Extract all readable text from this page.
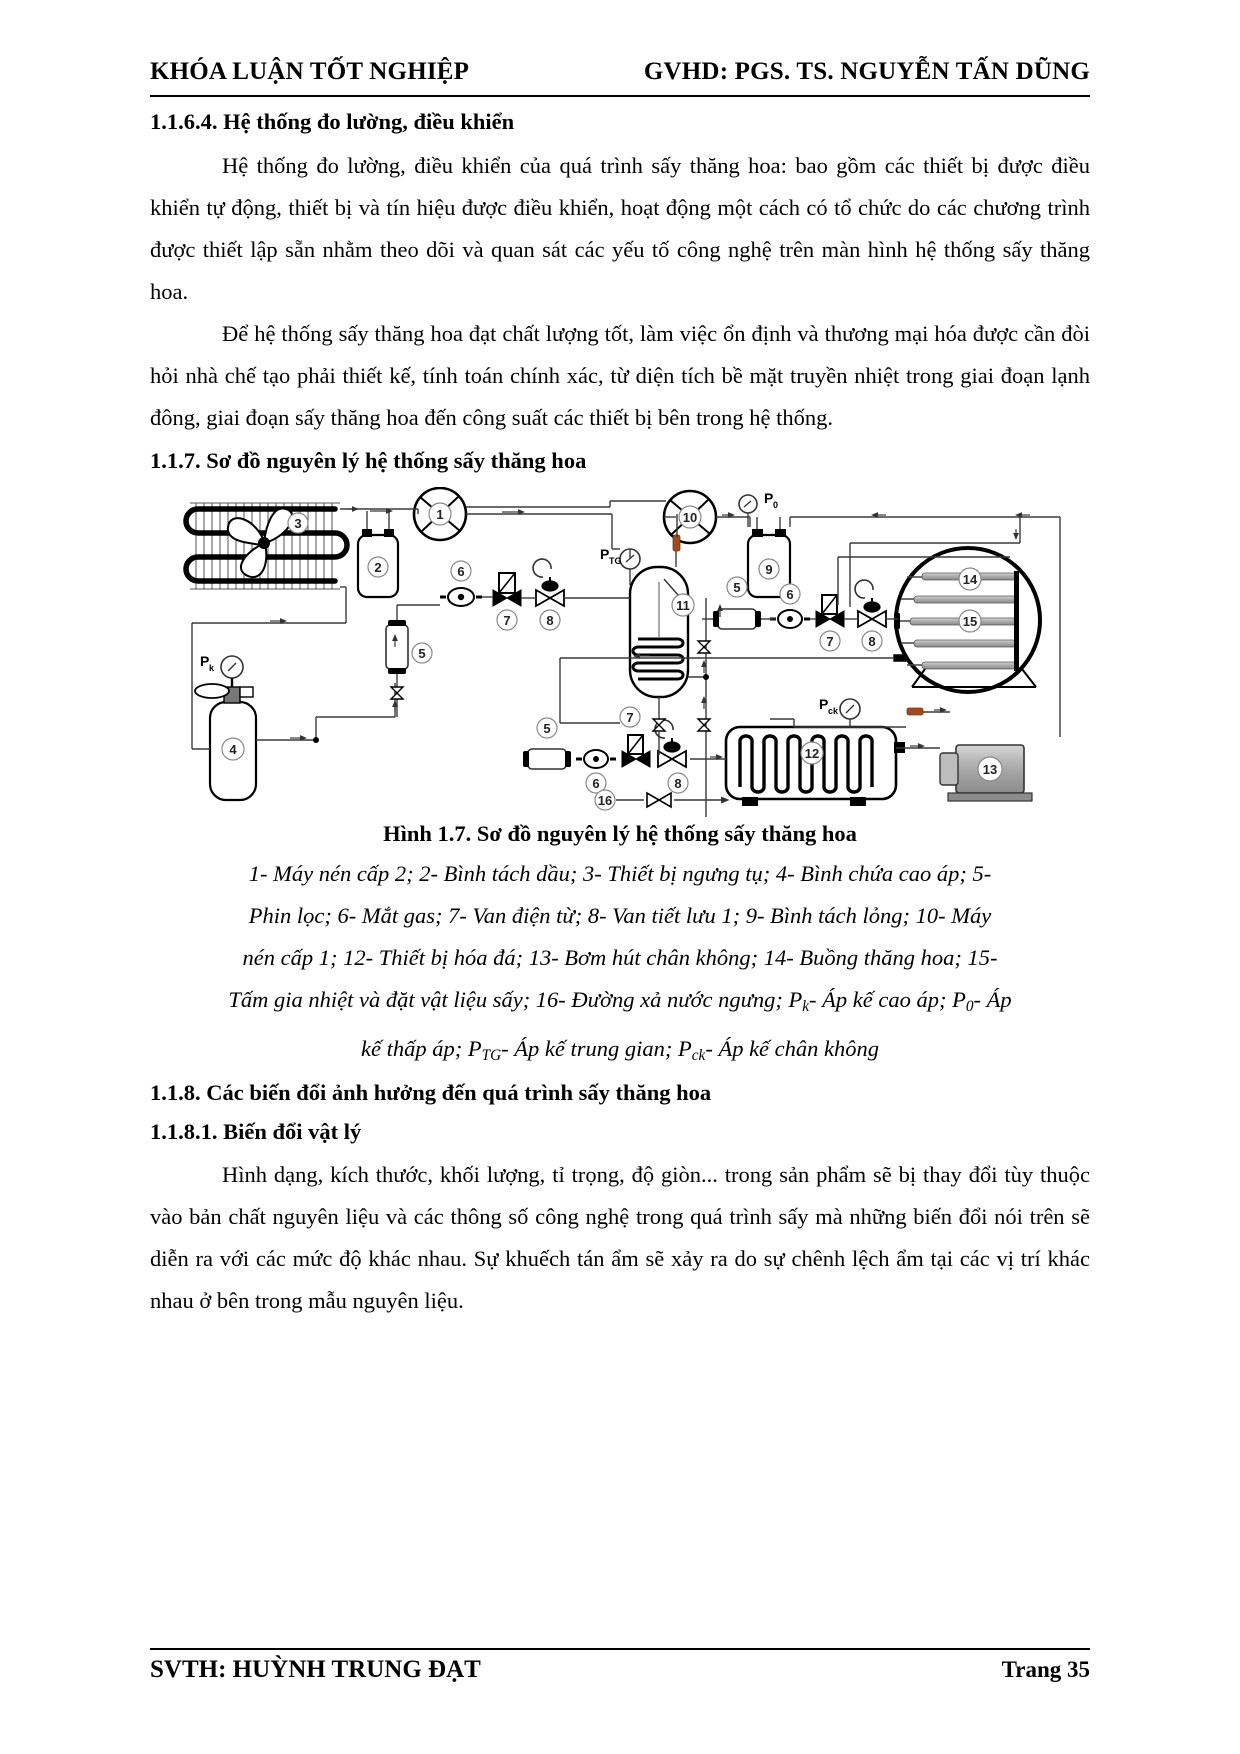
KHÓA LUẬN TỐT NGHIỆP	GVHD: PGS. TS. NGUYỄN TẤN DŨNG
1.1.6.4. Hệ thống đo lường, điều khiển

Hệ thống đo lường, điều khiển của quá trình sấy thăng hoa: bao gồm các thiết bị được điều khiển tự động, thiết bị và tín hiệu được điều khiển, hoạt động một cách có tổ chức do các chương trình được thiết lập sẵn nhằm theo dõi và quan sát các yếu tố công nghệ trên màn hình hệ thống sấy thăng hoa.

Để hệ thống sấy thăng hoa đạt chất lượng tốt, làm việc ổn định và thương mại hóa được cần đòi hỏi nhà chế tạo phải thiết kế, tính toán chính xác, từ diện tích bề mặt truyền nhiệt trong giai đoạn lạnh đông, giai đoạn sấy thăng hoa đến công suất các thiết bị bên trong hệ thống.

1.1.7. Sơ đồ nguyên lý hệ thống sấy thăng hoa
3
2
1	10
P 0
9
P TG
11
5
6
7	8
5	6
7	8
14
15
P k
4
5
6
7
8
16
12
13
P ck
Hình 1.7. Sơ đồ nguyên lý hệ thống sấy thăng hoa
1- Máy nén cấp 2; 2- Bình tách dầu; 3- Thiết bị ngưng tụ; 4- Bình chứa cao áp; 5-
Phin lọc; 6- Mắt gas; 7- Van điện từ; 8- Van tiết lưu 1; 9- Bình tách lỏng; 10- Máy
nén cấp 1; 12- Thiết bị hóa đá; 13- Bơm hút chân không; 14- Buồng thăng hoa; 15-
Tấm gia nhiệt và đặt vật liệu sấy; 16- Đường xả nước ngưng; $P_k-$ Áp kế cao áp; $P_0-$ Áp
kế thấp áp; $P_{TG}-$ Áp kế trung gian; $P_{ck}-$ Áp kế chân không
1.1.8. Các biến đổi ảnh hưởng đến quá trình sấy thăng hoa
1.1.8.1. Biến đổi vật lý

Hình dạng, kích thước, khối lượng, tỉ trọng, độ giòn... trong sản phẩm sẽ bị thay đổi tùy thuộc vào bản chất nguyên liệu và các thông số công nghệ trong quá trình sấy mà những biến đổi nói trên sẽ diễn ra với các mức độ khác nhau. Sự khuếch tán ẩm sẽ xảy ra do sự chênh lệch ẩm tại các vị trí khác nhau ở bên trong mẫu nguyên liệu.

SVTH: HUỲNH TRUNG ĐẠT	Trang 35
